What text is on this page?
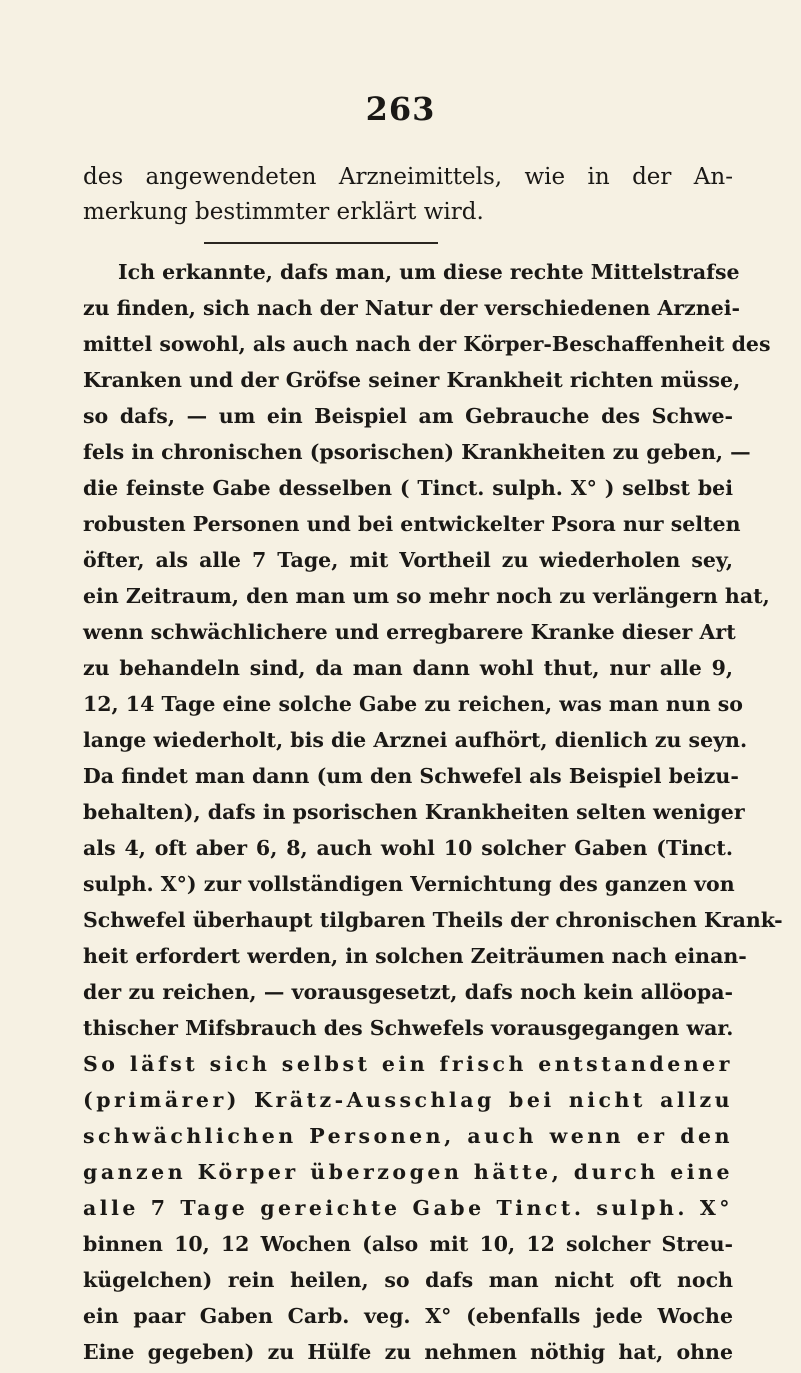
263
des angewendeten Arzneimittels, wie in der An-
merkung bestimmter erklärt wird.
Ich erkannte, dafs man, um diese rechte Mittelstrafse
zu finden, sich nach der Natur der verschiedenen Arznei-
mittel sowohl, als auch nach der Körper-Beschaffenheit des
Kranken und der Gröfse seiner Krankheit richten müsse,
so dafs, — um ein Beispiel am Gebrauche des Schwe-
fels in chronischen (psorischen) Krankheiten zu geben, —
die feinste Gabe desselben ( Tinct. sulph. X° ) selbst bei
robusten Personen und bei entwickelter Psora nur selten
öfter, als alle 7 Tage, mit Vortheil zu wiederholen sey,
ein Zeitraum, den man um so mehr noch zu verlängern hat,
wenn schwächlichere und erregbarere Kranke dieser Art
zu behandeln sind, da man dann wohl thut, nur alle 9,
12, 14 Tage eine solche Gabe zu reichen, was man nun so
lange wiederholt, bis die Arznei aufhört, dienlich zu seyn.
Da findet man dann (um den Schwefel als Beispiel beizu-
behalten), dafs in psorischen Krankheiten selten weniger
als 4, oft aber 6, 8, auch wohl 10 solcher Gaben (Tinct.
sulph. X°) zur vollständigen Vernichtung des ganzen von
Schwefel überhaupt tilgbaren Theils der chronischen Krank-
heit erfordert werden, in solchen Zeiträumen nach einan-
der zu reichen, — vorausgesetzt, dafs noch kein allöopa-
thischer Mifsbrauch des Schwefels vorausgegangen war.
So läfst sich selbst ein frisch entstandener
(primärer) Krätz-Ausschlag bei nicht allzu
schwächlichen Personen, auch wenn er den
ganzen Körper überzogen hätte, durch eine
alle 7 Tage gereichte Gabe Tinct. sulph. X°
binnen 10, 12 Wochen (also mit 10, 12 solcher Streu-
kügelchen) rein heilen, so dafs man nicht oft noch
ein paar Gaben Carb. veg. X° (ebenfalls jede Woche
Eine gegeben) zu Hülfe zu nehmen nöthig hat, ohne
